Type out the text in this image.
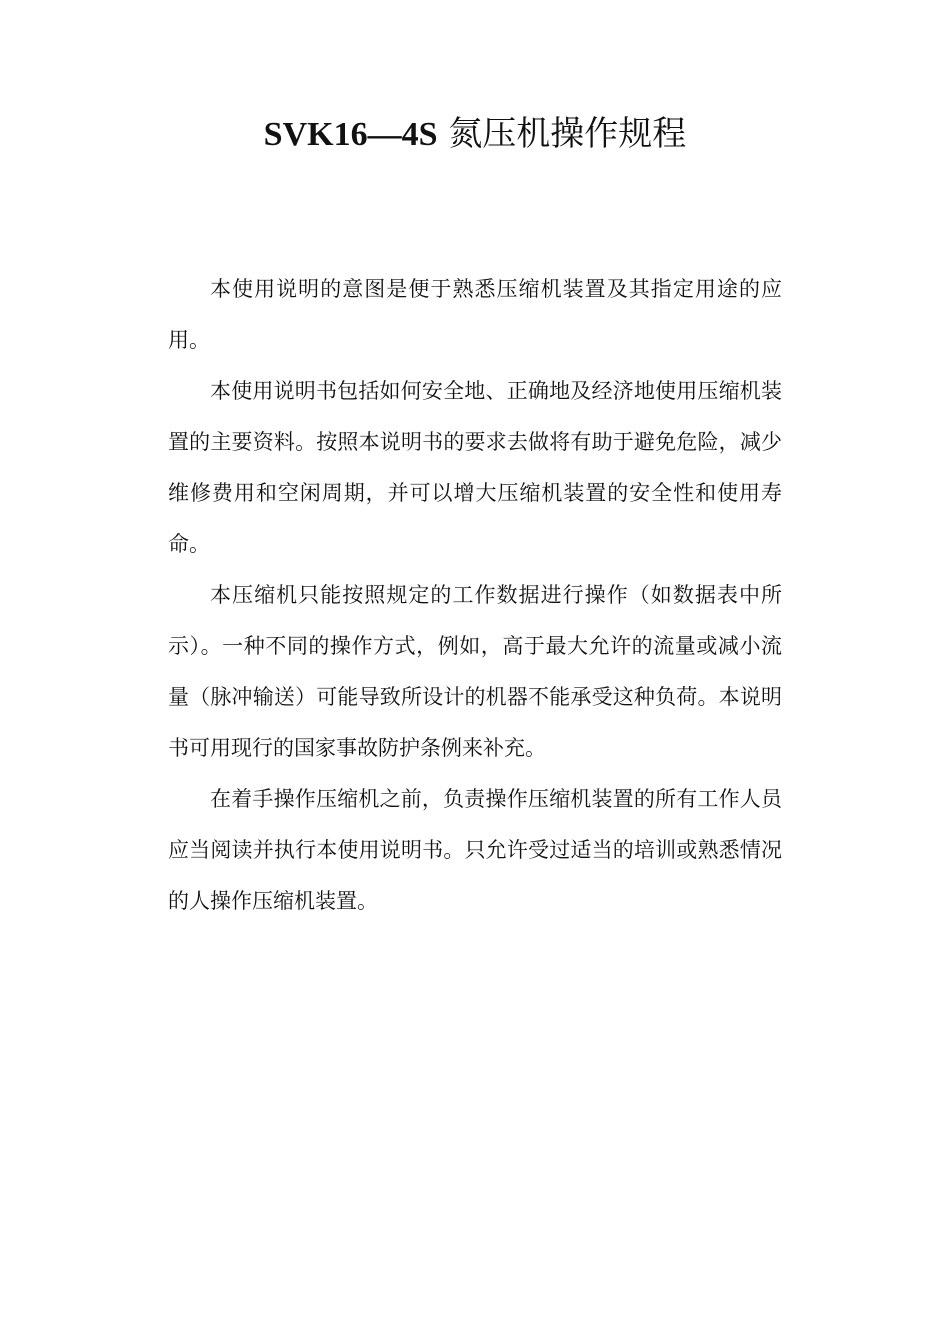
SVK16—4S 氮压机操作规程

本使用说明的意图是便于熟悉压缩机装置及其指定用途的应用。

本使用说明书包括如何安全地、正确地及经济地使用压缩机装置的主要资料。按照本说明书的要求去做将有助于避免危险，减少维修费用和空闲周期，并可以增大压缩机装置的安全性和使用寿命。

本压缩机只能按照规定的工作数据进行操作（如数据表中所示）。一种不同的操作方式，例如，高于最大允许的流量或减小流量（脉冲输送）可能导致所设计的机器不能承受这种负荷。本说明书可用现行的国家事故防护条例来补充。

在着手操作压缩机之前，负责操作压缩机装置的所有工作人员应当阅读并执行本使用说明书。只允许受过适当的培训或熟悉情况的人操作压缩机装置。
